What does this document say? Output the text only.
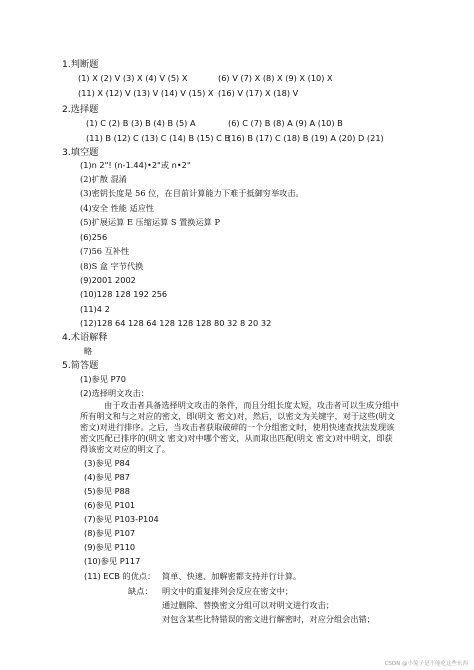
1.判断题
(1) X (2) V (3) X (4) V (5) X	(6) V (7) X (8) X (9) X (10) X
(11) X (12) V (13) V (14) V (15) X (16) V (17) X (18) V
2.选择题
(1) C (2) B (3) B (4) B (5) A	(6) C (7) B (8) A (9) A (10) B
(11) B (12) C (13) C (14) B (15) C B
(16) B (17) C (18) B (19) A (20) D (21)
3.填空题
(1)n 2"! (n-1.44)•2"或 n•2"
(2)扩散 混淆
(3)密钥长度是 56 位，在目前计算能力下难于抵御穷举攻击。
(4)安全 性能 适应性
(5)扩展运算 E 压缩运算 S 置换运算 P
(6)256
(7)56 互补性
(8)S 盒 字节代换
(9)2001 2002
(10)128 128 192 256
(11)4 2
(12)128 64 128 64 128 128 128 80 32 8 20 32
4.术语解释
略
5.简答题
(1)参见 P70
(2)选择明文攻击：
由于攻击者具备选择明文攻击的条件，而且分组长度太短，攻击者可以生成分组中所有明文和与之对应的密文，即(明文 密文)对，然后，以密文为关键字，对于这些(明文 密文)对进行排序。之后，当攻击者获取破碎的一个分组密文时，使用快速查找法发现该密文匹配已排序的(明文 密文)对中哪个密文，从而取出匹配(明文 密文)对中明文，即获得该密文对应的明文了。
(3)参见 P84
(4)参见 P87
(5)参见 P88
(6)参见 P101
(7)参见 P103-P104
(8)参见 P107
(9)参见 P110
(10)参见 P117
(11) ECB 的优点： 简单、快速、加解密都支持并行计算。
缺点： 明文中的重复排列会反应在密文中；
通过删除、替换密文分组可以对明文进行攻击；
对包含某些比特错误的密文进行解密时，对应分组会出错；
CSDN @小兔子是不能吃这些东西
